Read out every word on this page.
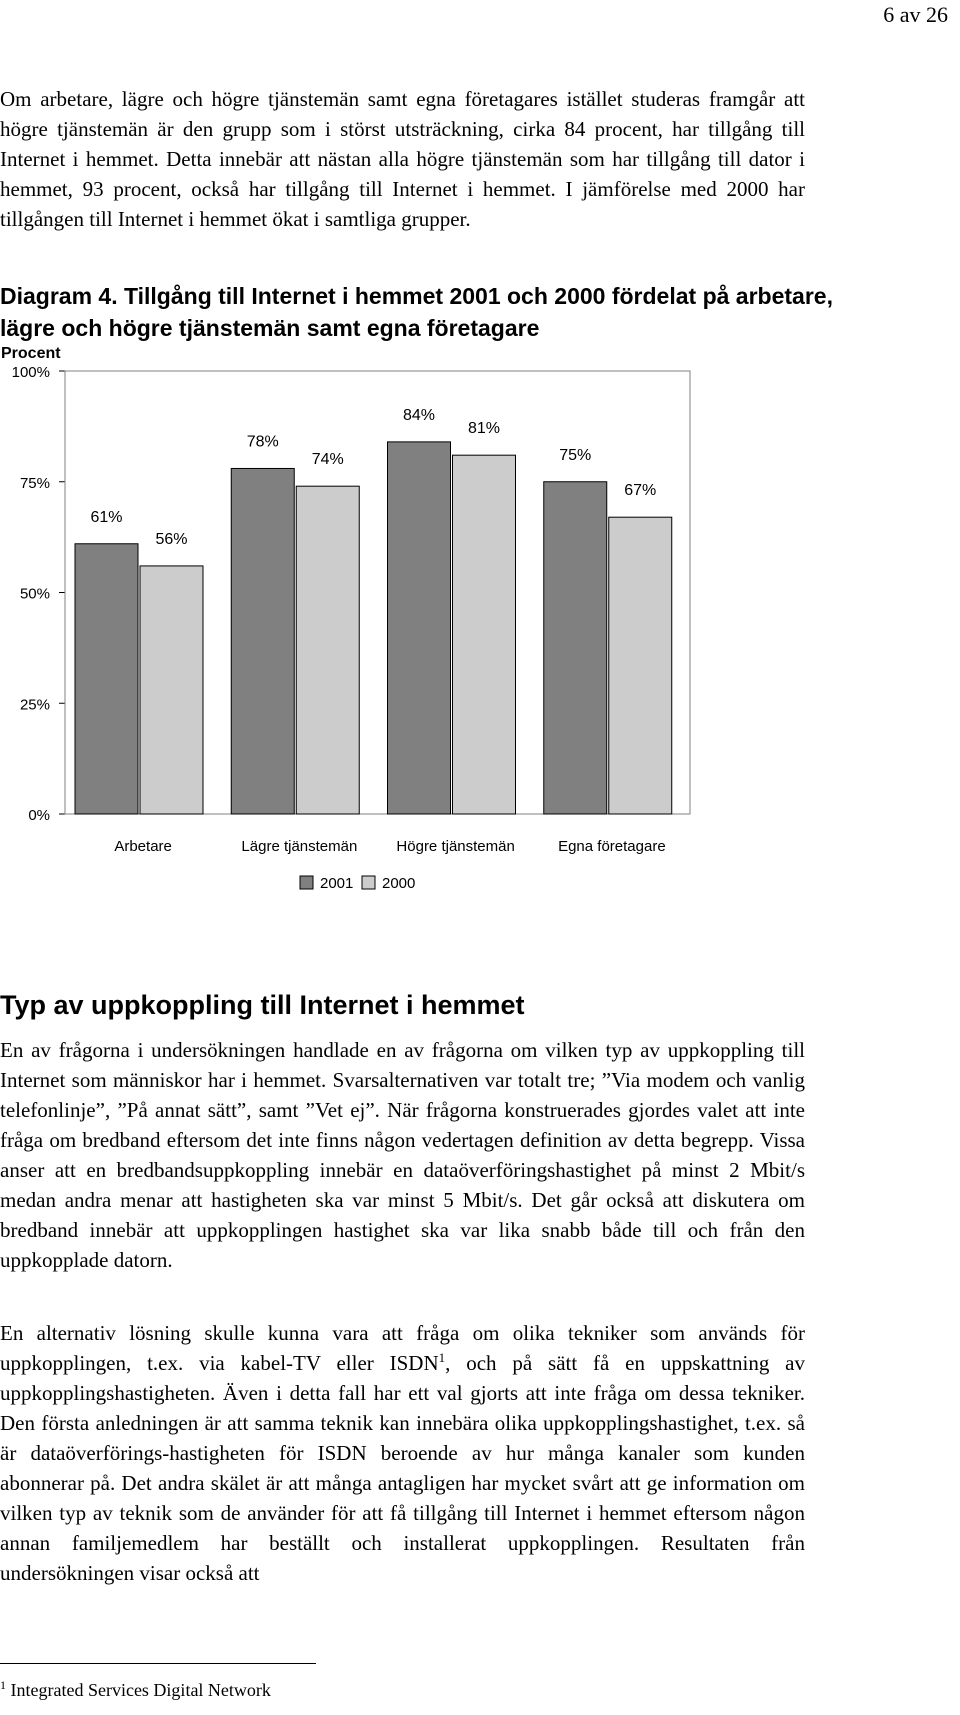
6 av 26

Om arbetare, lägre och högre tjänstemän samt egna företagares istället studeras framgår att högre tjänstemän är den grupp som i störst utsträckning, cirka 84 procent, har tillgång till Internet i hemmet. Detta innebär att nästan alla högre tjänstemän som har tillgång till dator i hemmet, 93 procent, också har tillgång till Internet i hemmet. I jämförelse med 2000 har tillgången till Internet i hemmet ökat i samtliga grupper.

Diagram 4. Tillgång till Internet i hemmet 2001 och 2000 fördelat på arbetare, lägre och högre tjänstemän samt egna företagare

Procent
0%
25%
50%
75%
100%
61%
56%
78%
74%
84%
81%
75%
67%
Arbetare	Lägre tjänstemän	Högre tjänstemän	Egna företagare
2001 2000
Typ av uppkoppling till Internet i hemmet

En av frågorna i undersökningen handlade en av frågorna om vilken typ av uppkoppling till Internet som människor har i hemmet. Svarsalternativen var totalt tre; ”Via modem och vanlig telefonlinje”, ”På annat sätt”, samt ”Vet ej”. När frågorna konstruerades gjordes valet att inte fråga om bredband eftersom det inte finns någon vedertagen definition av detta begrepp. Vissa anser att en bredbandsuppkoppling innebär en dataöverföringshastighet på minst 2 Mbit/s medan andra menar att hastigheten ska var minst 5 Mbit/s. Det går också att diskutera om bredband innebär att uppkopplingen hastighet ska var lika snabb både till och från den uppkopplade datorn.

En alternativ lösning skulle kunna vara att fråga om olika tekniker som används för uppkopplingen, t.ex. via kabel-TV eller ISDN$^1$, och på sätt få en uppskattning av uppkopplingshastigheten. Även i detta fall har ett val gjorts att inte fråga om dessa tekniker. Den första anledningen är att samma teknik kan innebära olika uppkopplingshastighet, t.ex. så är dataöverförings-hastigheten för ISDN beroende av hur många kanaler som kunden abonnerar på. Det andra skälet är att många antagligen har mycket svårt att ge information om vilken typ av teknik som de använder för att få tillgång till Internet i hemmet eftersom någon annan familjemedlem har beställt och installerat uppkopplingen. Resultaten från undersökningen visar också att

$^1$ Integrated Services Digital Network
